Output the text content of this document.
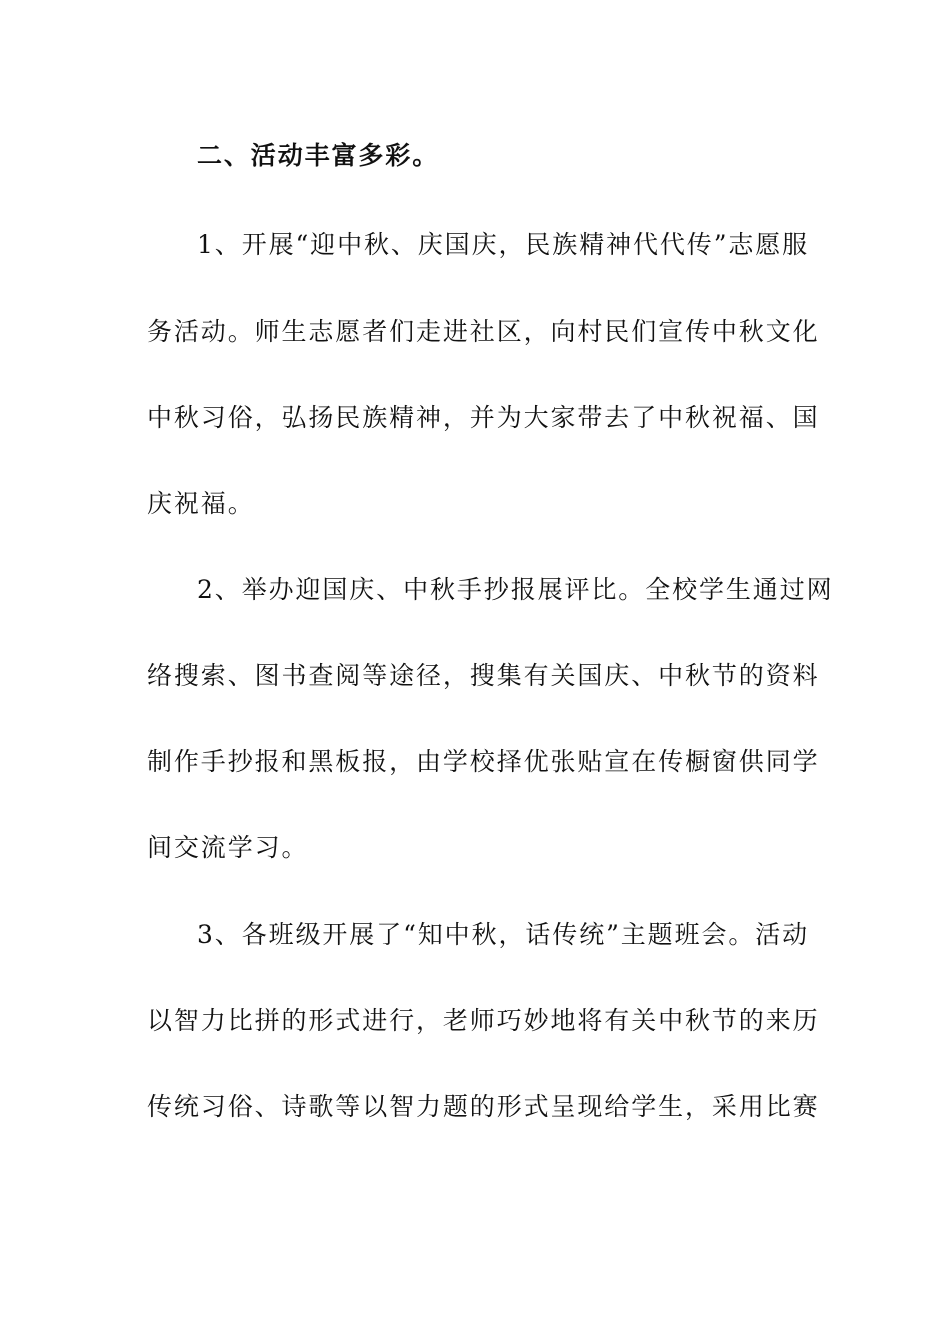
二、活动丰富多彩。
1、开展“迎中秋、庆国庆，民族精神代代传”志愿服
务活动。师生志愿者们走进社区，向村民们宣传中秋文化
中秋习俗，弘扬民族精神，并为大家带去了中秋祝福、国
庆祝福。
2、举办迎国庆、中秋手抄报展评比。全校学生通过网
络搜索、图书查阅等途径，搜集有关国庆、中秋节的资料
制作手抄报和黑板报，由学校择优张贴宣在传橱窗供同学
间交流学习。
3、各班级开展了“知中秋，话传统”主题班会。活动
以智力比拼的形式进行，老师巧妙地将有关中秋节的来历
传统习俗、诗歌等以智力题的形式呈现给学生，采用比赛
